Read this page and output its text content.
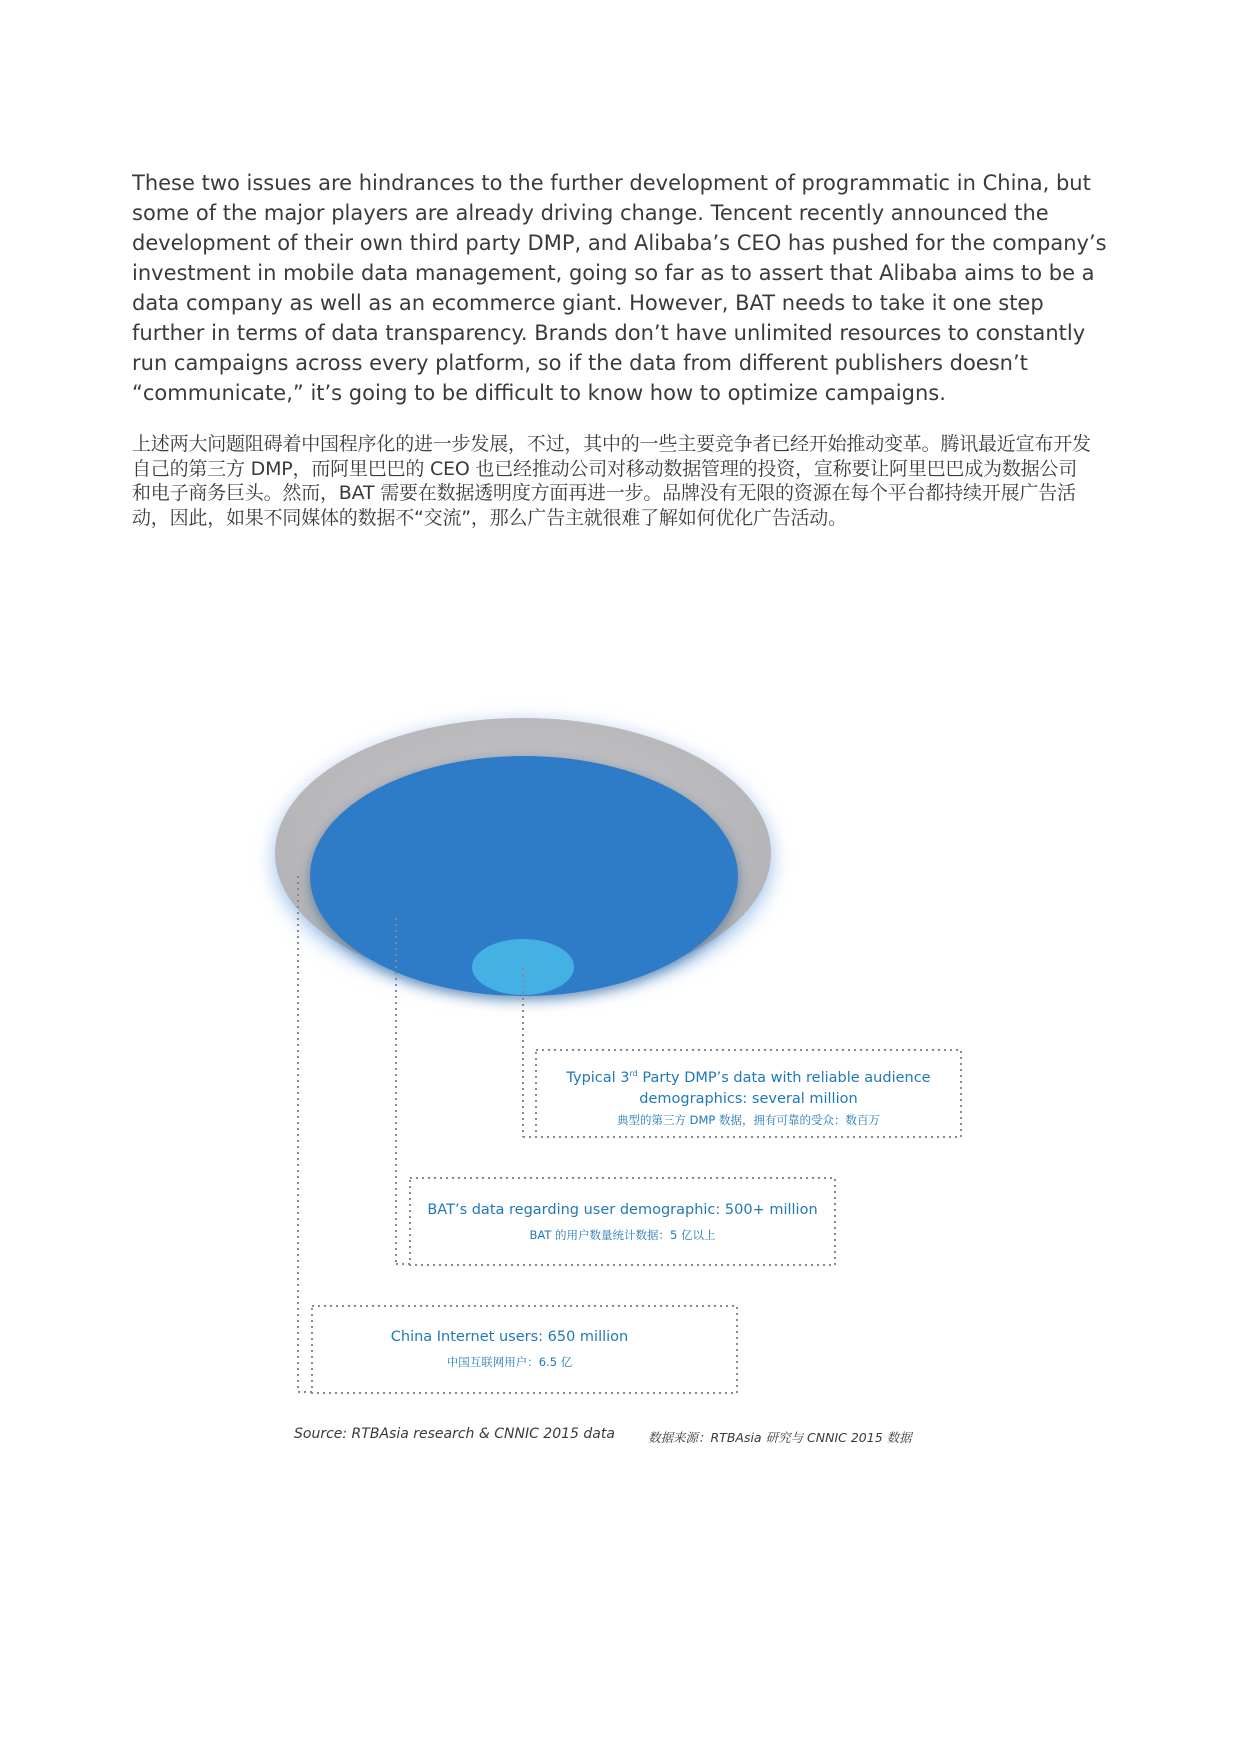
These two issues are hindrances to the further development of programmatic in China, but some of the major players are already driving change. Tencent recently announced the development of their own third party DMP, and Alibaba’s CEO has pushed for the company’s investment in mobile data management, going so far as to assert that Alibaba aims to be a data company as well as an ecommerce giant. However, BAT needs to take it one step further in terms of data transparency. Brands don’t have unlimited resources to constantly run campaigns across every platform, so if the data from different publishers doesn’t “communicate,” it’s going to be difficult to know how to optimize campaigns.

上述两大问题阻碍着中国程序化的进一步发展，不过，其中的一些主要竞争者已经开始推动变革。腾讯最近宣布开发自己的第三方 DMP，而阿里巴巴的 CEO 也已经推动公司对移动数据管理的投资，宣称要让阿里巴巴成为数据公司和电子商务巨头。然而，BAT 需要在数据透明度方面再进一步。品牌没有无限的资源在每个平台都持续开展广告活动，因此，如果不同媒体的数据不“交流”，那么广告主就很难了解如何优化广告活动。

Typical 3rd Party DMP’s data with reliable audience
demographics: several million

典型的第三方 DMP 数据，拥有可靠的受众：数百万

BAT’s data regarding user demographic: 500+ million

BAT 的用户数量统计数据：5 亿以上

China Internet users: 650 million

中国互联网用户：6.5 亿

Source: RTBAsia research & CNNIC 2015 data	数据来源：RTBAsia 研究与 CNNIC 2015 数据
